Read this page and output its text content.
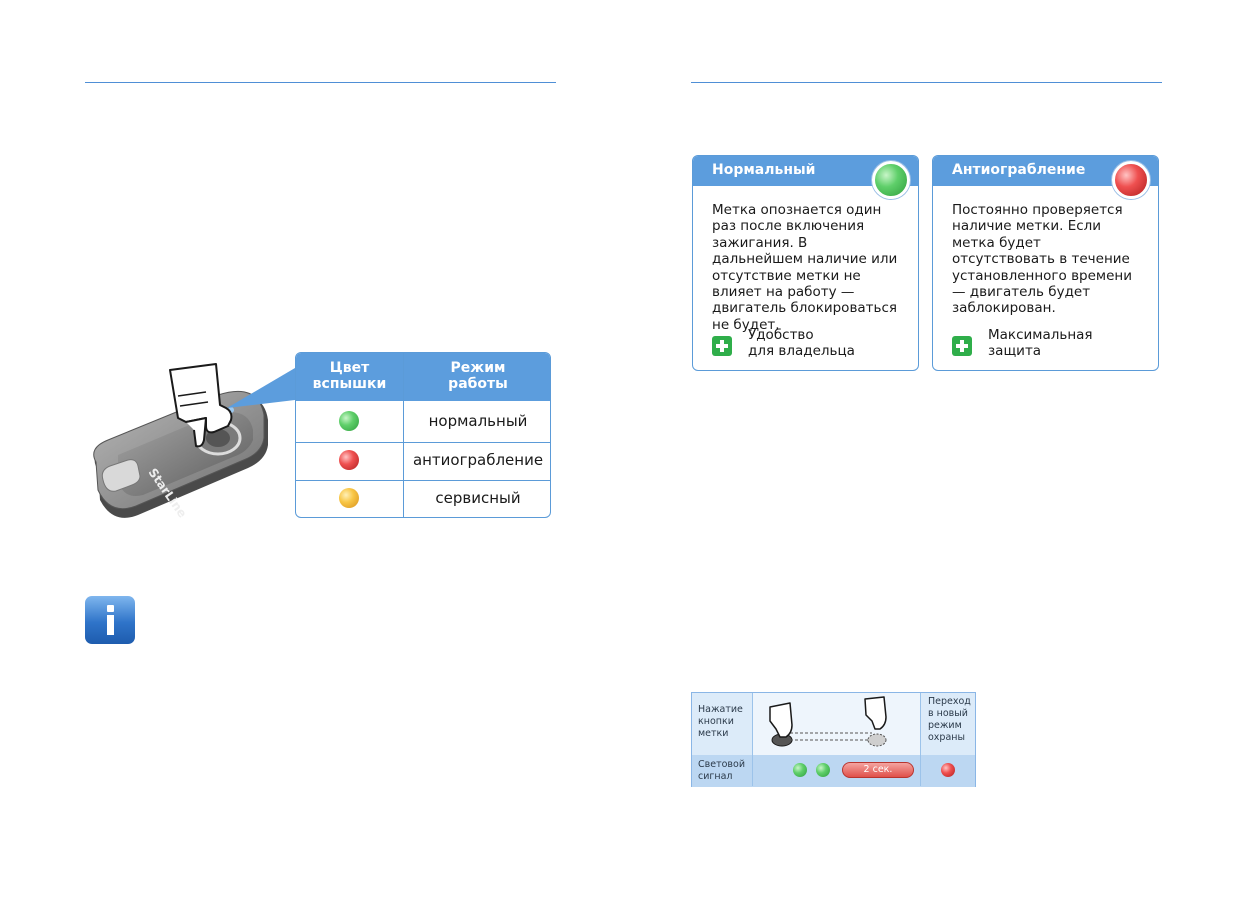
StarLine
Цвет
вспышки
Режим
работы
нормальный
антиограбление
сервисный
Нормальный
Метка опознается один раз после включения зажигания. В дальнейшем наличие или отсутствие метки не влияет на работу — двигатель блокироваться не будет.
Удобство
для владельца
Антиограбление
Постоянно проверяется наличие метки. Если метка будет отсутствовать в течение установленного времени — двигатель будет заблокирован.
Максимальная
защита
Нажатие
кнопки
метки
Световой
сигнал
Переход
в новый
режим
охраны
2 сек.
